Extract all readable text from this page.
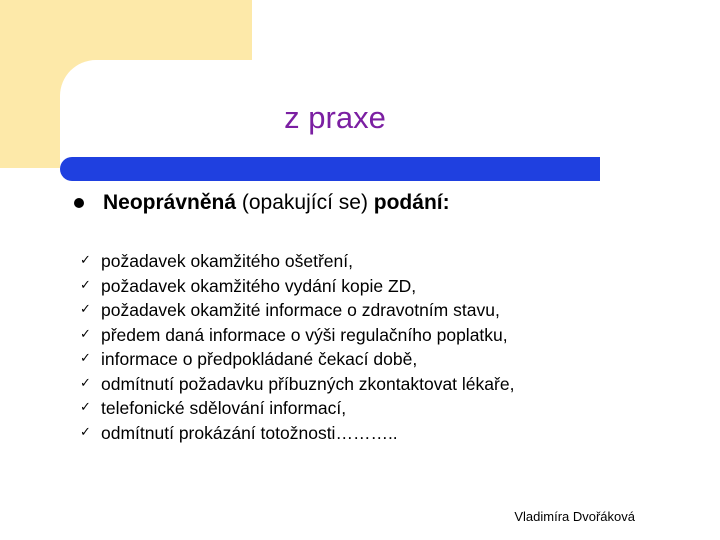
z praxe
Neoprávněná (opakující se) podání:
✓ požadavek okamžitého ošetření,
✓ požadavek okamžitého vydání kopie ZD,
✓ požadavek okamžité informace o zdravotním stavu,
✓ předem daná informace o výši regulačního poplatku,
✓ informace o předpokládané čekací době,
✓ odmítnutí požadavku příbuzných zkontaktovat lékaře,
✓ telefonické sdělování informací,
✓ odmítnutí prokázání totožnosti………..
Vladimíra Dvořáková
